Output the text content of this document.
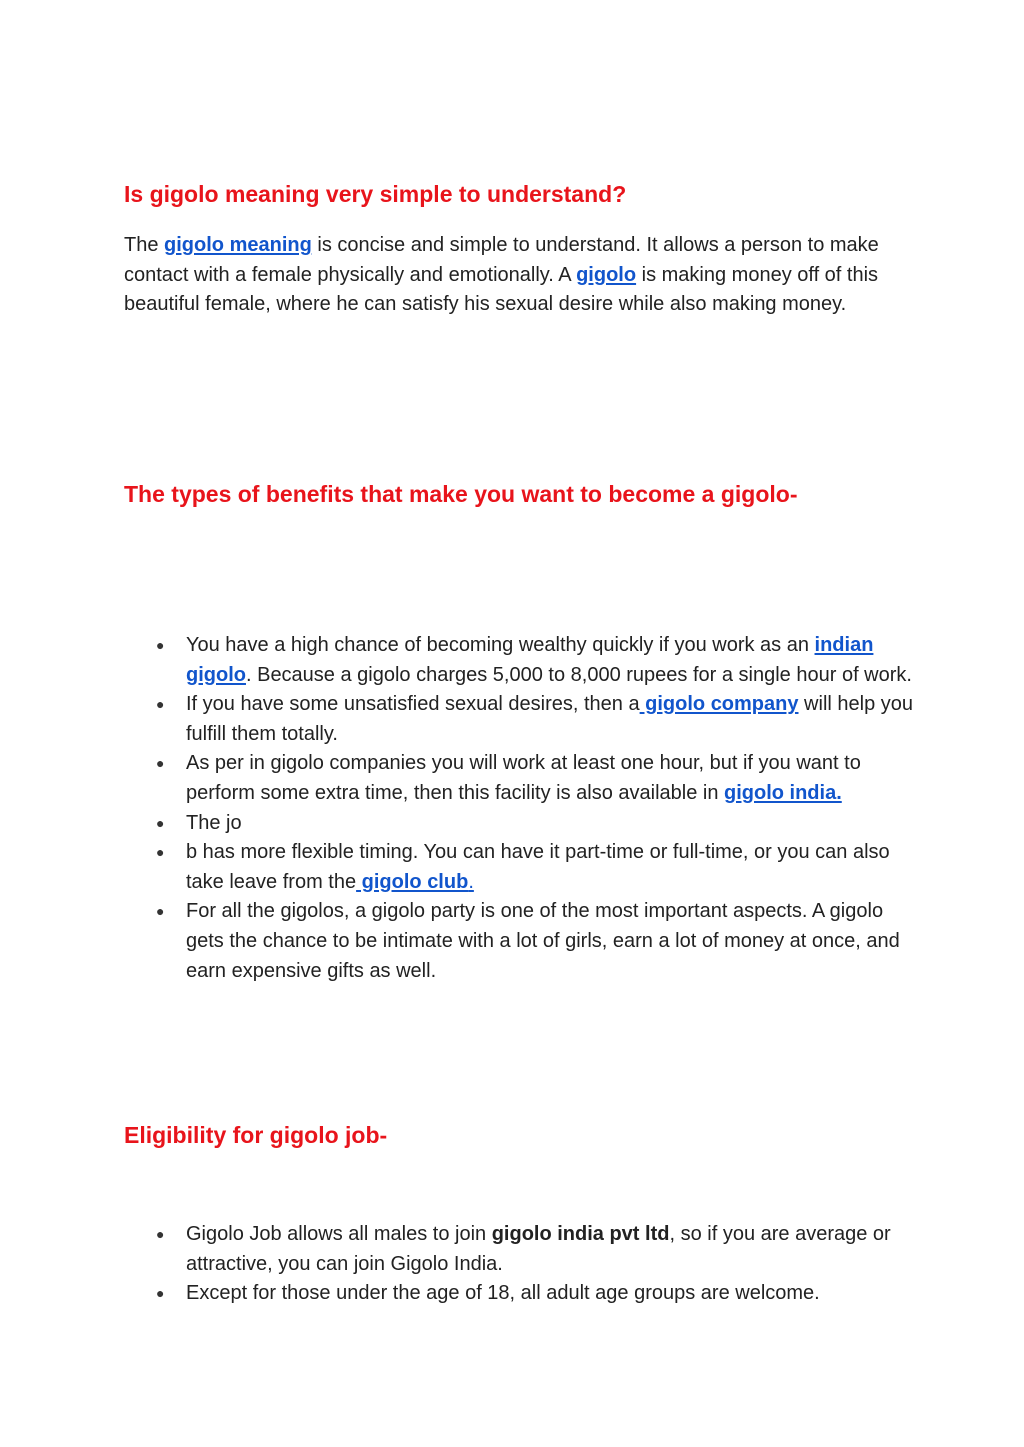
Is gigolo meaning very simple to understand?

The gigolo meaning is concise and simple to understand. It allows a person to make contact with a female physically and emotionally. A gigolo is making money off of this beautiful female, where he can satisfy his sexual desire while also making money.

The types of benefits that make you want to become a gigolo-
● You have a high chance of becoming wealthy quickly if you work as an indian gigolo. Because a gigolo charges 5,000 to 8,000 rupees for a single hour of work.
● If you have some unsatisfied sexual desires, then a gigolo company will help you fulfill them totally.
● As per in gigolo companies you will work at least one hour, but if you want to perform some extra time, then this facility is also available in gigolo india.
● The jo
● b has more flexible timing. You can have it part-time or full-time, or you can also take leave from the gigolo club.
● For all the gigolos, a gigolo party is one of the most important aspects. A gigolo gets the chance to be intimate with a lot of girls, earn a lot of money at once, and earn expensive gifts as well.
Eligibility for gigolo job-
● Gigolo Job allows all males to join gigolo india pvt ltd, so if you are average or attractive, you can join Gigolo India.
● Except for those under the age of 18, all adult age groups are welcome.
